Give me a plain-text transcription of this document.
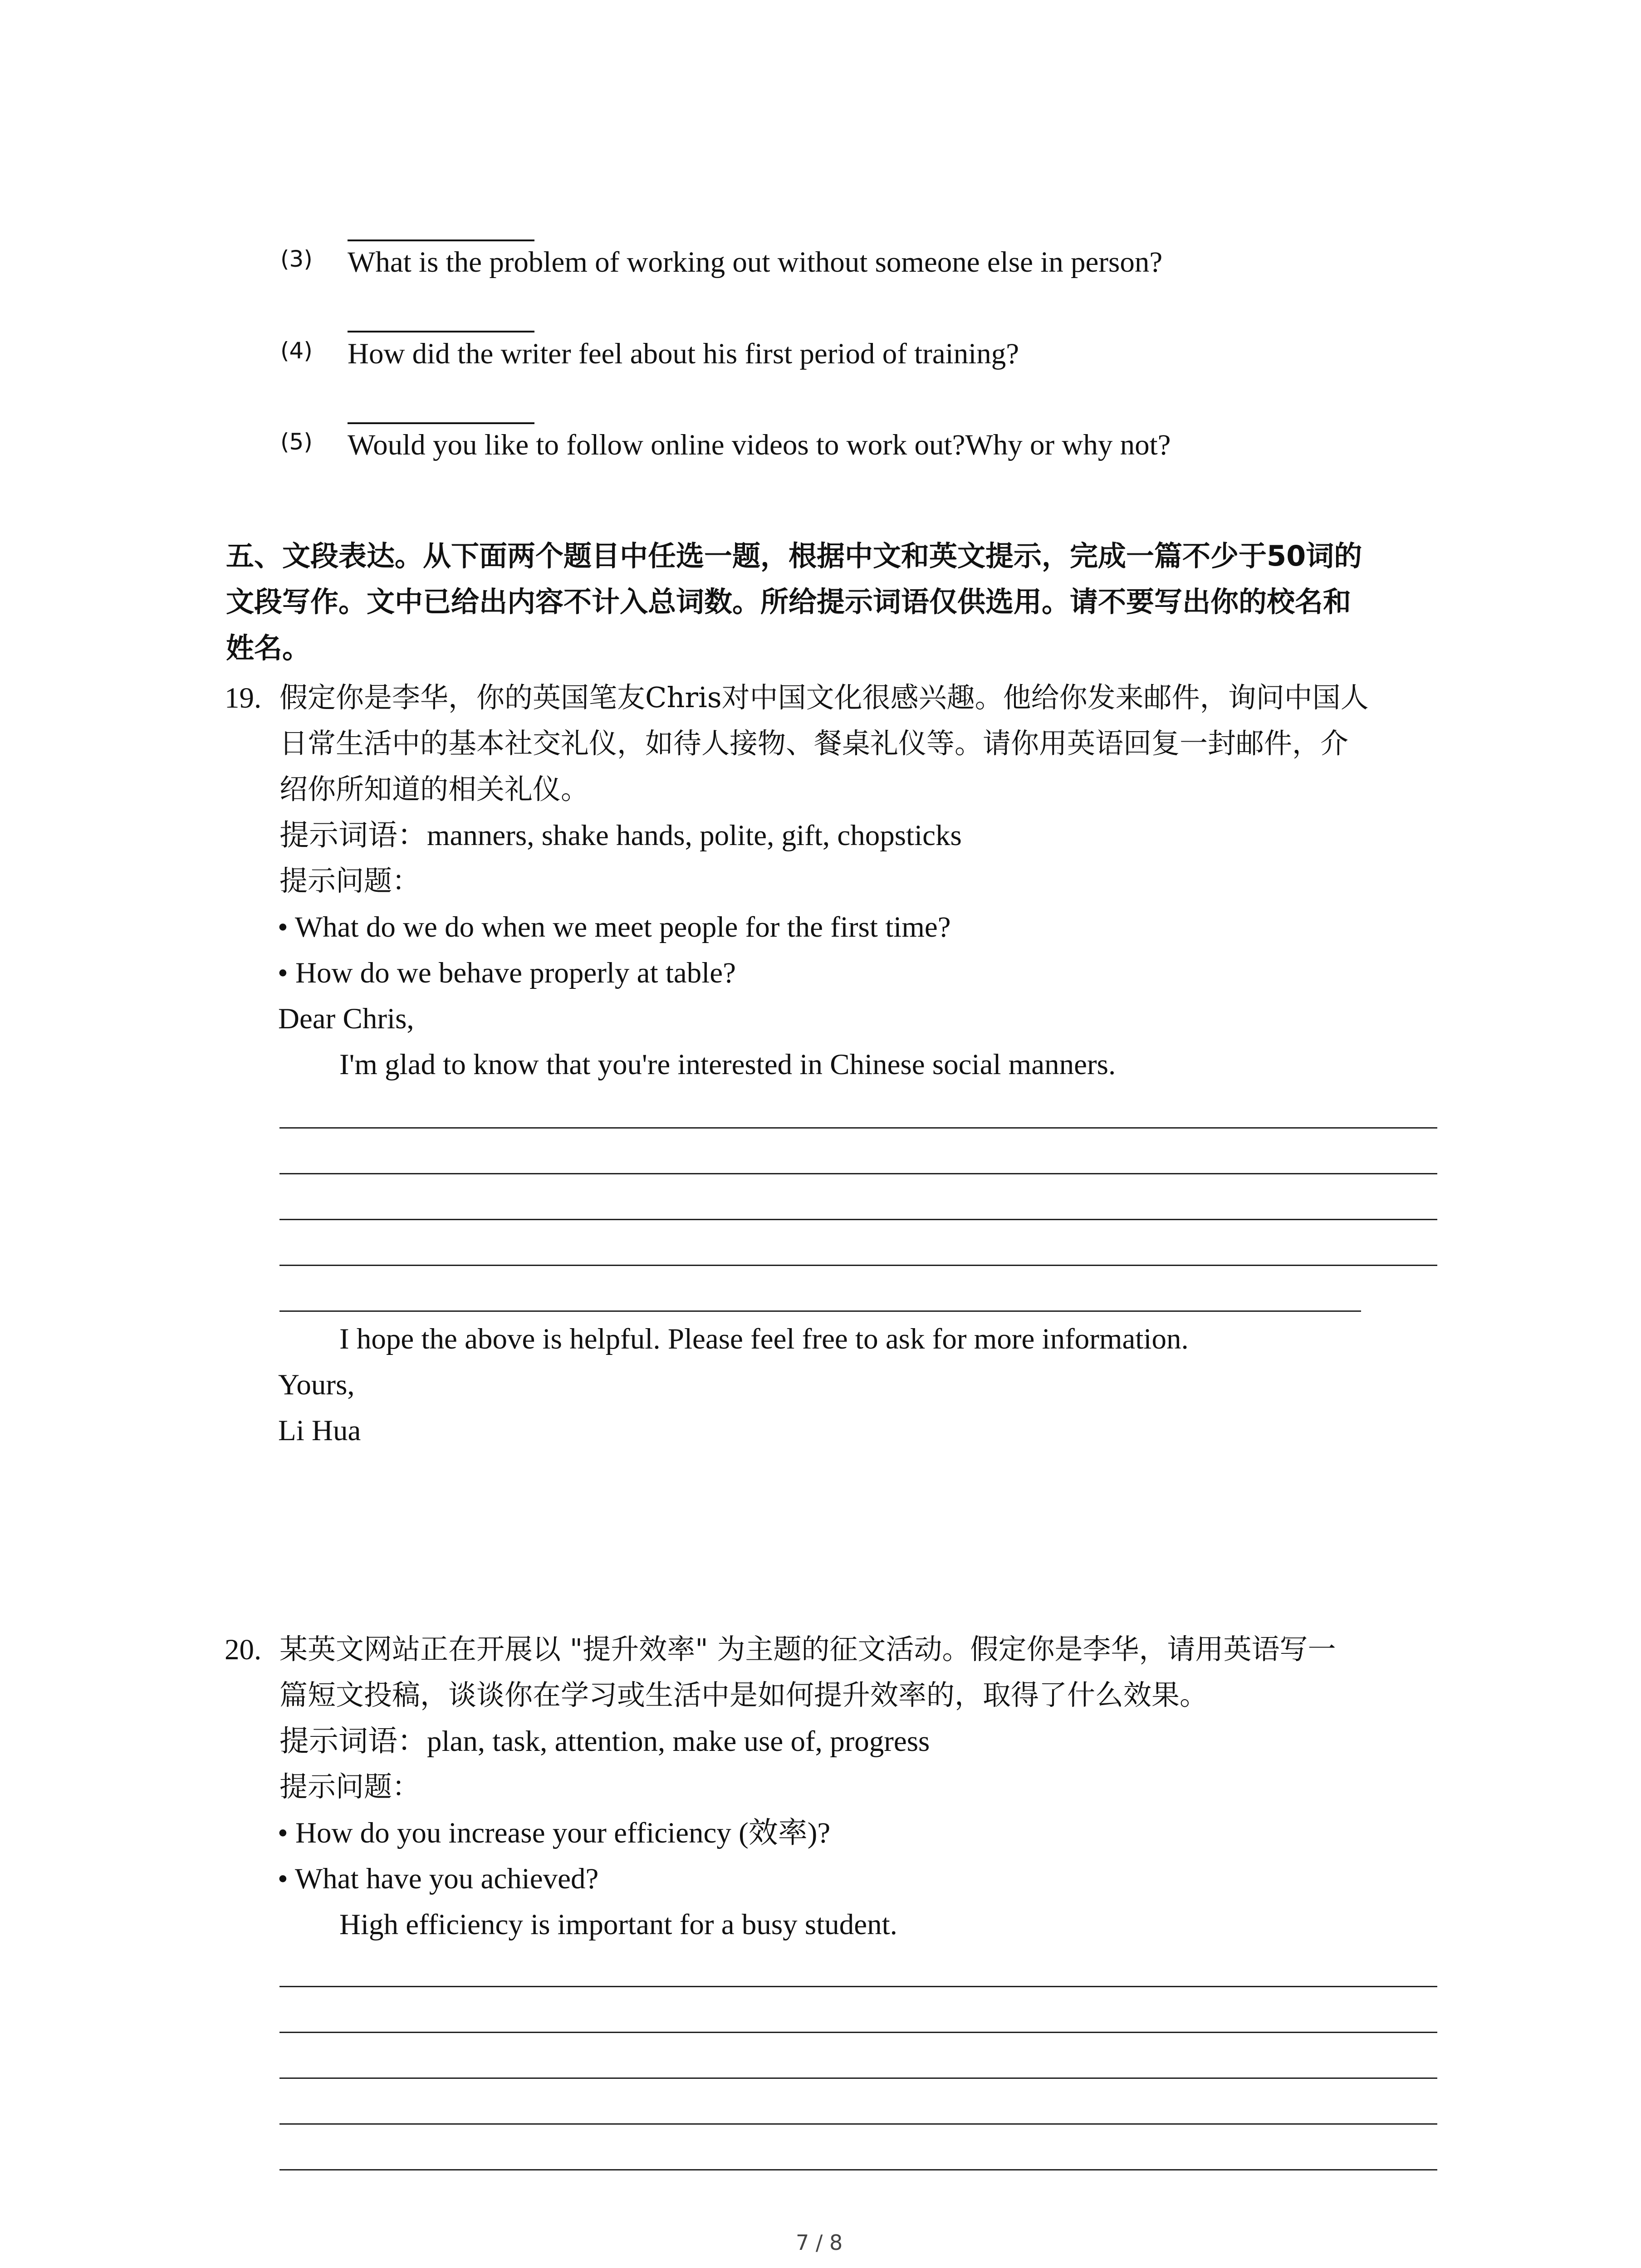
(3) What is the problem of working out without someone else in person?
(4) How did the writer feel about his first period of training?
(5) Would you like to follow online videos to work out?Why or why not?
五、文段表达。从下面两个题目中任选一题，根据中文和英文提示，完成一篇不少于50词的
文段写作。文中已给出内容不计入总词数。所给提示词语仅供选用。请不要写出你的校名和
姓名。
19. 假定你是李华，你的英国笔友Chris对中国文化很感兴趣。他给你发来邮件，询问中国人
日常生活中的基本社交礼仪，如待人接物、餐桌礼仪等。请你用英语回复一封邮件，介
绍你所知道的相关礼仪。
提示词语：manners, shake hands, polite, gift, chopsticks
提示问题：
• What do we do when we meet people for the first time?
• How do we behave properly at table?
Dear Chris,
I'm glad to know that you're interested in Chinese social manners.
I hope the above is helpful. Please feel free to ask for more information.
Yours,
Li Hua
20. 某英文网站正在开展以 "提升效率" 为主题的征文活动。假定你是李华，请用英语写一
篇短文投稿，谈谈你在学习或生活中是如何提升效率的，取得了什么效果。
提示词语：plan, task, attention, make use of, progress
提示问题：
• How do you increase your efficiency (效率)?
• What have you achieved?
High efficiency is important for a busy student.
7 / 8
